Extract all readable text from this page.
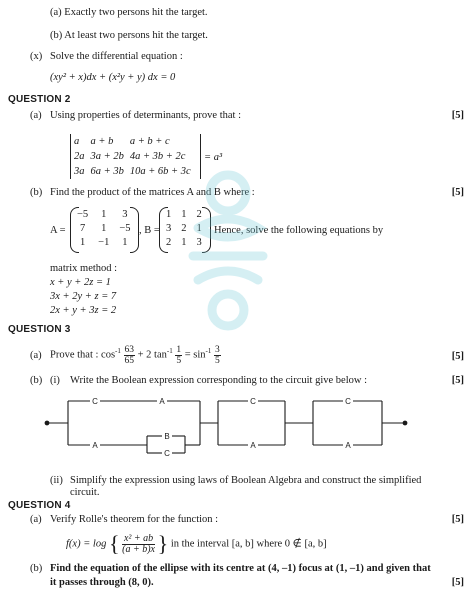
(a) Exactly two persons hit the target.
(b) At least two persons hit the target.
(x) Solve the differential equation :
(xy² + x)dx + (x²y + y) dx = 0
QUESTION 2
(a) Using properties of determinants, prove that :	[5]
a	a + b	a + b + c
2a	3a + 2b	4a + 3b + 2c
3a	6a + 3b	10a + 6b + 3c
= a³
(b) Find the product of the matrices A and B where :	[5]
A =
−5	1	3
7	1	−5
1	−1	1
, B =
1	1	2
3	2	1
2	1	3
Hence, solve the following equations by
matrix method :
x + y + 2z = 1
3x + 2y + z = 7
2x + y + 3z = 2
QUESTION 3
(a) Prove that : $\cos^{-1} \frac{63}{65} + 2$ $\tan^{-1} \frac{1}{5} = \sin^{-1} \frac{3}{5}$	[5]
(b) (i) Write the Boolean expression corresponding to the circuit give below :	[5]
C	A
A
B
C
C
A
C
A
(ii) Simplify the expression using laws of Boolean Algebra and construct the simplified
circuit.
QUESTION 4
(a) Verify Rolle's theorem for the function :	[5]
f(x) = log { $\frac{\text{x² + ab}}{(a + b)x}$ } in the interval [a, b] where 0 ∉ [a, b]
(b) Find the equation of the ellipse with its centre at (4, –1) focus at (1, –1) and given that
it passes through (8, 0).	[5]
